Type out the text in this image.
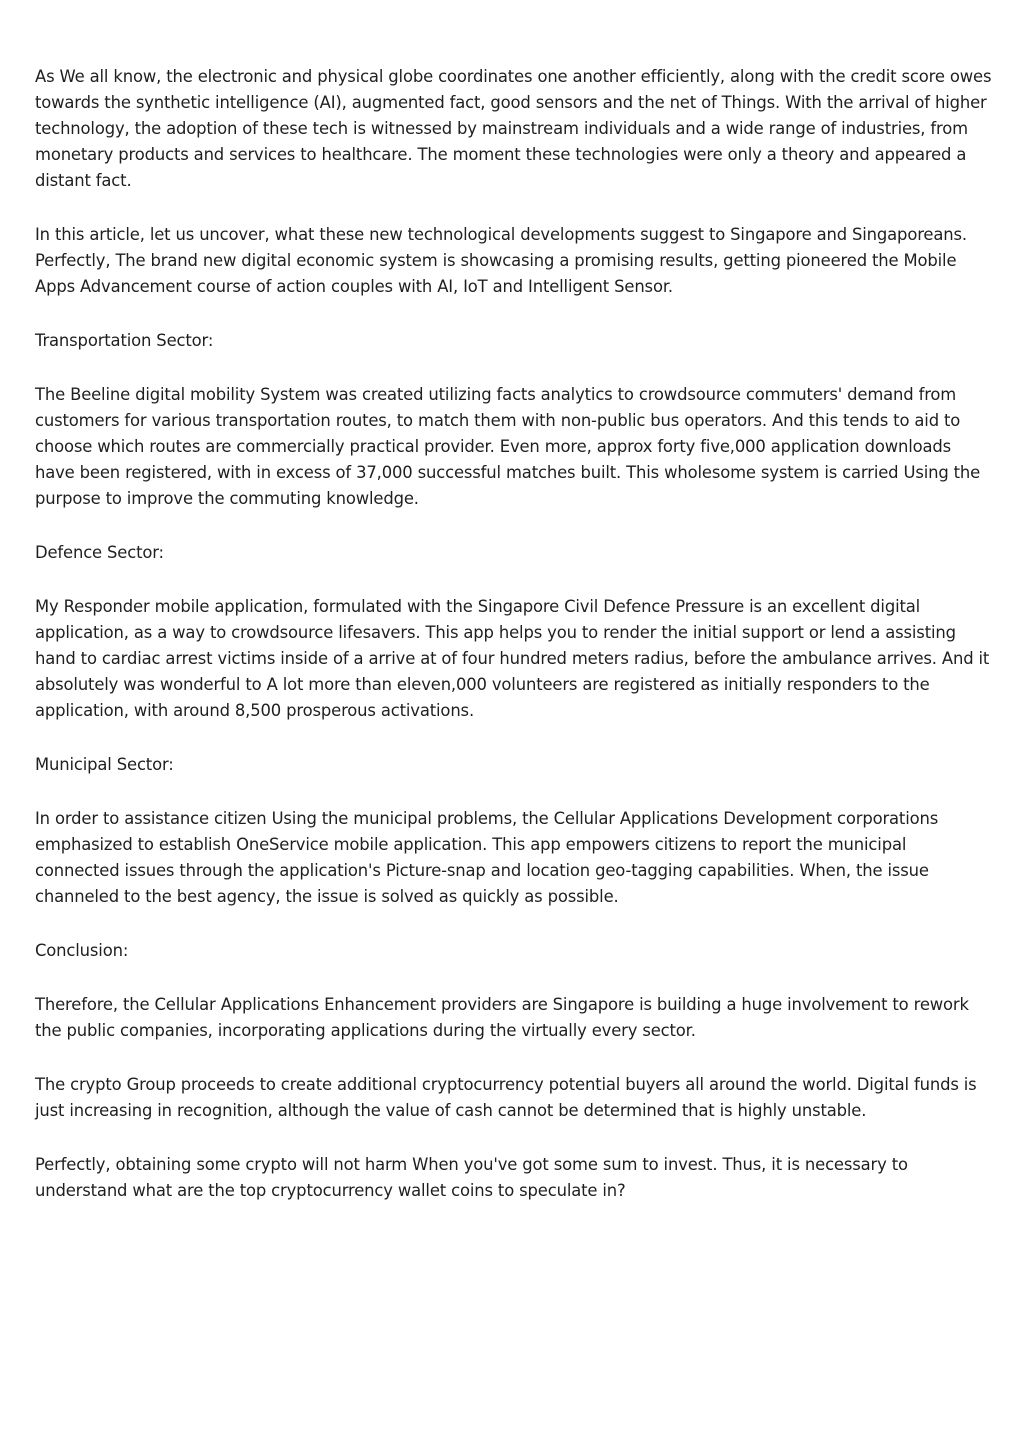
As We all know, the electronic and physical globe coordinates one another efficiently, along with the credit score owes towards the synthetic intelligence (AI), augmented fact, good sensors and the net of Things. With the arrival of higher technology, the adoption of these tech is witnessed by mainstream individuals and a wide range of industries, from monetary products and services to healthcare. The moment these technologies were only a theory and appeared a distant fact.

In this article, let us uncover, what these new technological developments suggest to Singapore and Singaporeans. Perfectly, The brand new digital economic system is showcasing a promising results, getting pioneered the Mobile Apps Advancement course of action couples with AI, IoT and Intelligent Sensor.

Transportation Sector:

The Beeline digital mobility System was created utilizing facts analytics to crowdsource commuters' demand from customers for various transportation routes, to match them with non-public bus operators. And this tends to aid to choose which routes are commercially practical provider. Even more, approx forty five,000 application downloads have been registered, with in excess of 37,000 successful matches built. This wholesome system is carried Using the purpose to improve the commuting knowledge.

Defence Sector:

My Responder mobile application, formulated with the Singapore Civil Defence Pressure is an excellent digital application, as a way to crowdsource lifesavers. This app helps you to render the initial support or lend a assisting hand to cardiac arrest victims inside of a arrive at of four hundred meters radius, before the ambulance arrives. And it absolutely was wonderful to A lot more than eleven,000 volunteers are registered as initially responders to the application, with around 8,500 prosperous activations.

Municipal Sector:

In order to assistance citizen Using the municipal problems, the Cellular Applications Development corporations emphasized to establish OneService mobile application. This app empowers citizens to report the municipal connected issues through the application's Picture-snap and location geo-tagging capabilities. When, the issue channeled to the best agency, the issue is solved as quickly as possible.

Conclusion:

Therefore, the Cellular Applications Enhancement providers are Singapore is building a huge involvement to rework the public companies, incorporating applications during the virtually every sector.

The crypto Group proceeds to create additional cryptocurrency potential buyers all around the world. Digital funds is just increasing in recognition, although the value of cash cannot be determined that is highly unstable.

Perfectly, obtaining some crypto will not harm When you've got some sum to invest. Thus, it is necessary to understand what are the top cryptocurrency wallet coins to speculate in?
